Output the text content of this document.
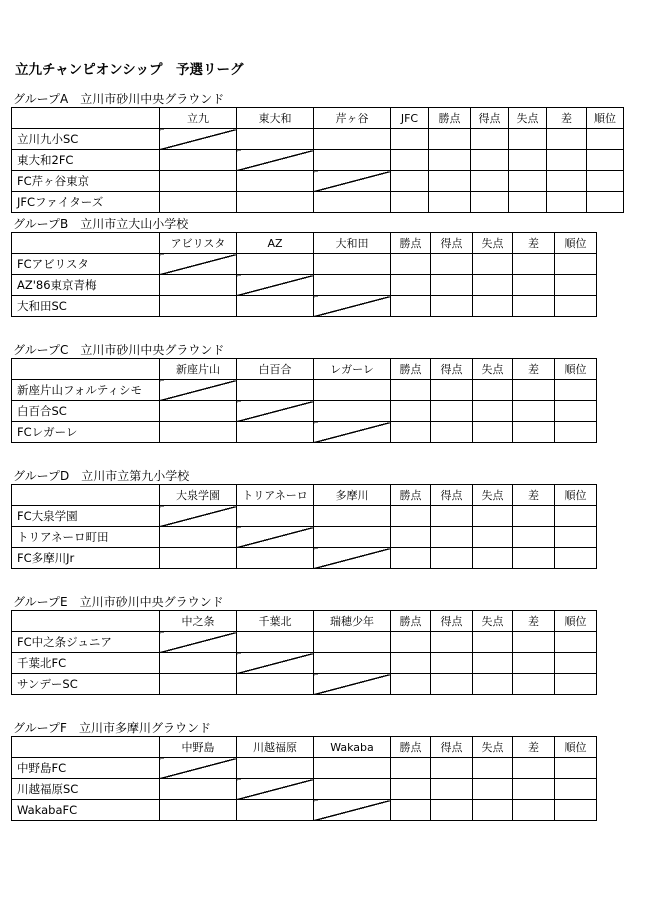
立九チャンピオンシップ　予選リーグ
グループA　立川市砂川中央グラウンド
	立九	東大和	芹ヶ谷	JFC	勝点	得点	失点	差	順位
立川九小SC									
東大和2FC									
FC芹ヶ谷東京									
JFCファイターズ									
グループB　立川市立大山小学校
	アビリスタ	AZ	大和田	勝点	得点	失点	差	順位
FCアビリスタ								
AZ'86東京青梅								
大和田SC								
グループC　立川市砂川中央グラウンド
	新座片山	白百合	レガーレ	勝点	得点	失点	差	順位
新座片山フォルティシモ								
白百合SC								
FCレガーレ								
グループD　立川市立第九小学校
	大泉学園	トリアネーロ	多摩川	勝点	得点	失点	差	順位
FC大泉学園								
トリアネーロ町田								
FC多摩川Jr								
グループE　立川市砂川中央グラウンド
	中之条	千葉北	瑞穂少年	勝点	得点	失点	差	順位
FC中之条ジュニア								
千葉北FC								
サンデーSC								
グループF　立川市多摩川グラウンド
	中野島	川越福原	Wakaba	勝点	得点	失点	差	順位
中野島FC								
川越福原SC								
WakabaFC								
